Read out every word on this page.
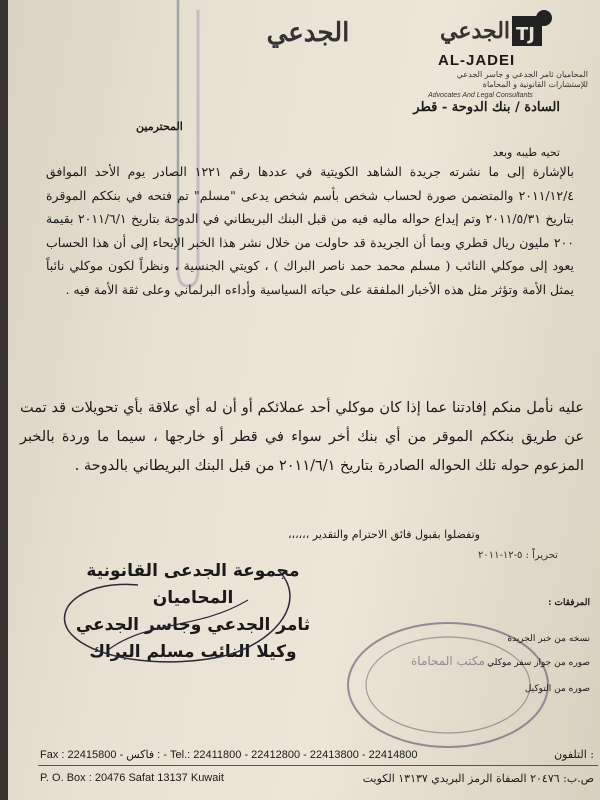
الجدعي	TJ
الجدعي
AL-JADEI
المحاميان ثامر الجدعي و جاسر الجدعي للإستشارات القانونية و المحاماة
Advocates And Legal Consultants
السادة / بنك الدوحة - قطر
المحترمين
تحيه طيبه وبعد
بالإشارة إلى ما نشرته جريدة الشاهد الكويتية في عددها رقم ١٢٢١ الصادر يوم الأحد الموافق ٢٠١١/١٢/٤ والمتضمن صورة لحساب شخص بأسم شخص يدعى "مسلم" تم فتحه في بنككم الموقرة بتاريخ ٢٠١١/٥/٣١ وتم إيداع حواله ماليه فيه من قبل البنك البريطاني في الدوحة بتاريخ ٢٠١١/٦/١ بقيمة ٢٠٠ مليون ريال قطري وبما أن الجريدة قد حاولت من خلال نشر هذا الخبر الإيحاء إلى أن هذا الحساب يعود إلى موكلي النائب ( مسلم محمد حمد ناصر البراك ) ، كويتي الجنسية ، ونظراً لكون موكلي نائباً يمثل الأمة وتؤثر مثل هذه الأخبار الملفقة على حياته السياسية وأداءه البرلماني وعلى ثقة الأمة فيه .
عليه نأمل منكم إفادتنا عما إذا كان موكلي أحد عملائكم أو أن له أي علاقة بأي تحويلات قد تمت عن طريق بنككم الموقر من أي بنك أخر سواء في قطر أو خارجها ، سيما ما وردة بالخبر المزعوم حوله تلك الحواله الصادرة بتاريخ ٢٠١١/٦/١ من قبل البنك البريطاني بالدوحة .
وتفضلوا بقبول فائق الاحترام والتقدير ،،،،،،
تحريراً : ٥-١٢-٢٠١١
مجموعة الجدعى القانونية
المحاميان
ثامر الجدعي وجاسر الجدعي
وكيلا النائب مسلم البراك	مكتب المحاماة
المرفقات :
نسخه من خبر الجريدة
صوره من جواز سفر موكلي
صوره من التوكيل
Fax : 22415800 - فاكس : - Tel.: 22411800 - 22412800 - 22413800 - 22414800	التلفون :
P. O. Box : 20476 Safat 13137 Kuwait	ص.ب: ٢٠٤٧٦ الصفاة الرمز البريدي ١٣١٣٧ الكويت
